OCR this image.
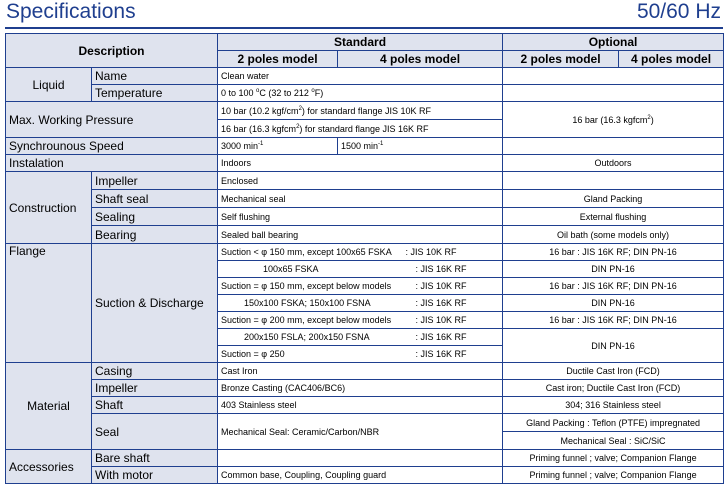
Specifications	50/60 Hz
Description		Standard		Optional	
		2 poles model	4 poles model	2 poles model	4 poles model
Liquid	Name	Clean water			
	Temperature	0 to 100 $^o$C (32 to 212 $^o$F)			
Max. Working Pressure		10 bar (10.2 kgf/$cm^2$) for standard flange JIS 10K RF		16 bar (16.3 kgfcm$^2$)	
		16 bar (16.3 kgfcm$^2$) for standard flange JIS 16K RF			
Synchrounous Speed		3000 $\min^{-1}$	1500 $\min^{-1}$	
Instalation		Indoors		Outdoors	
Construction	Impeller	Enclosed			
	Shaft seal	Mechanical seal		Gland Packing	
	Sealing	Self flushing		External flushing	
	Bearing	Sealed ball bearing		Oil bath (some models only)	
Flange	Suction & Discharge	Suction < φ 150 mm, except 100x65 FSKA	: JIS 10K RF	16 bar : JIS 16K RF; DIN PN-16	
		100x65 FSKA	: JIS 16K RF	DIN PN-16	
		Suction = φ 150 mm, except below models	: JIS 10K RF	16 bar : JIS 16K RF; DIN PN-16	
		150x100 FSKA; 150x100 FSNA	: JIS 16K RF	DIN PN-16	
		Suction = φ 200 mm, except below models	: JIS 10K RF	16 bar : JIS 16K RF; DIN PN-16	
		200x150 FSLA; 200x150 FSNA	: JIS 16K RF	DIN PN-16	
		Suction = φ 250	: JIS 16K RF		
Material	Casing	Cast Iron		Ductile Cast Iron (FCD)	
	Impeller	Bronze Casting (CAC406/BC6)		Cast iron; Ductile Cast Iron (FCD)	
	Shaft	403 Stainless steel		304; 316 Stainless steel	
	Seal	Mechanical Seal: Ceramic/Carbon/NBR		Gland Packing : Teflon (PTFE) impregnated	
				Mechanical Seal : SiC/SiC	
Accessories	Bare shaft			Priming funnel ; valve; Companion Flange	
	With motor	Common base, Coupling, Coupling guard		Priming funnel ; valve; Companion Flange	
